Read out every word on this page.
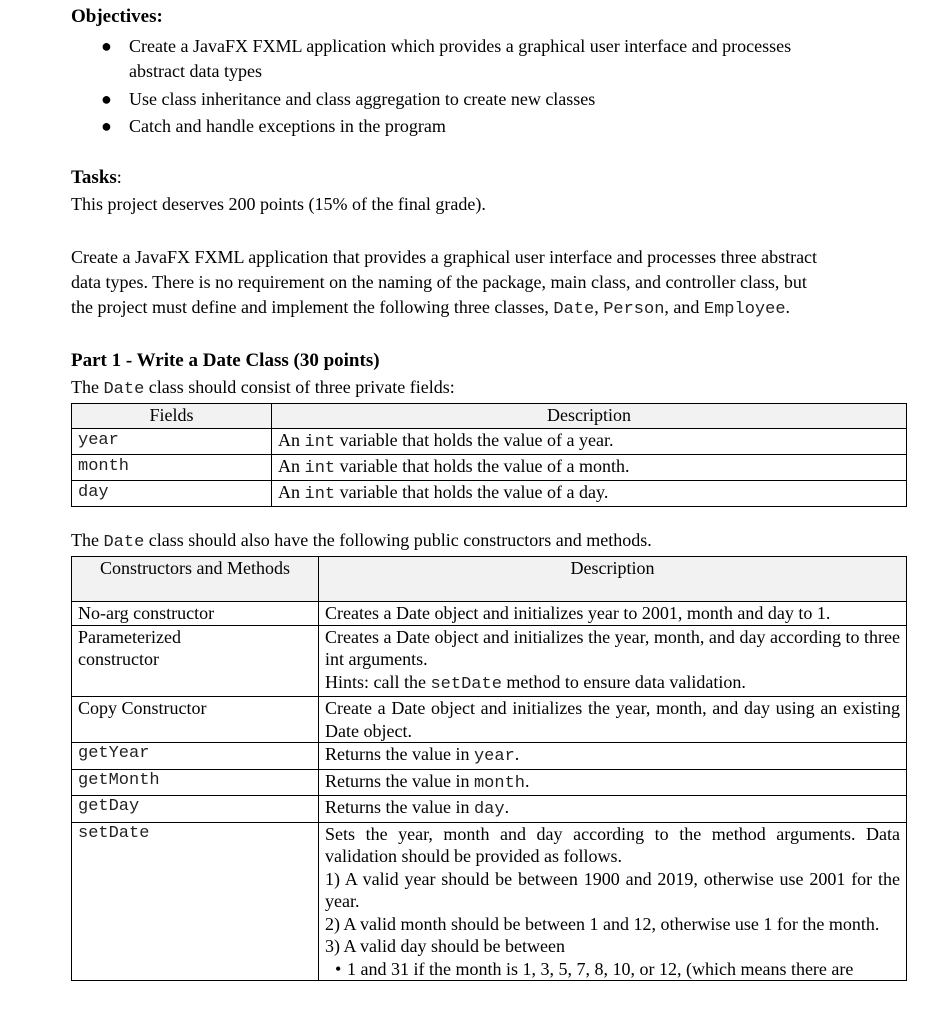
Objectives:
● Create a JavaFX FXML application which provides a graphical user interface and processes
abstract data types
● Use class inheritance and class aggregation to create new classes
● Catch and handle exceptions in the program
Tasks:
This project deserves 200 points (15% of the final grade).
Create a JavaFX FXML application that provides a graphical user interface and processes three abstract
data types. There is no requirement on the naming of the package, main class, and controller class, but
the project must define and implement the following three classes, Date, Person, and Employee.
Part 1 - Write a Date Class (30 points)
The Date class should consist of three private fields:
Fields	Description
year	An int variable that holds the value of a year.
month	An int variable that holds the value of a month.
day	An int variable that holds the value of a day.
The Date class should also have the following public constructors and methods.
Constructors and Methods	Description
No-arg constructor	Creates a Date object and initializes year to 2001, month and day to 1.
Parameterized constructor	Creates a Date object and initializes the year, month, and day according to three int arguments.
Hints: call the setDate method to ensure data validation.

Copy Constructor	Create a Date object and initializes the year, month, and day using an existing Date object.
getYear	Returns the value in year.
getMonth	Returns the value in month.
getDay	Returns the value in day.
setDate	Sets the year, month and day according to the method arguments. Data validation should be provided as follows.
1) A valid year should be between 1900 and 2019, otherwise use 2001 for the year.
2) A valid month should be between 1 and 12, otherwise use 1 for the month.
3) A valid day should be between
• 1 and 31 if the month is 1, 3, 5, 7, 8, 10, or 12, (which means there are
